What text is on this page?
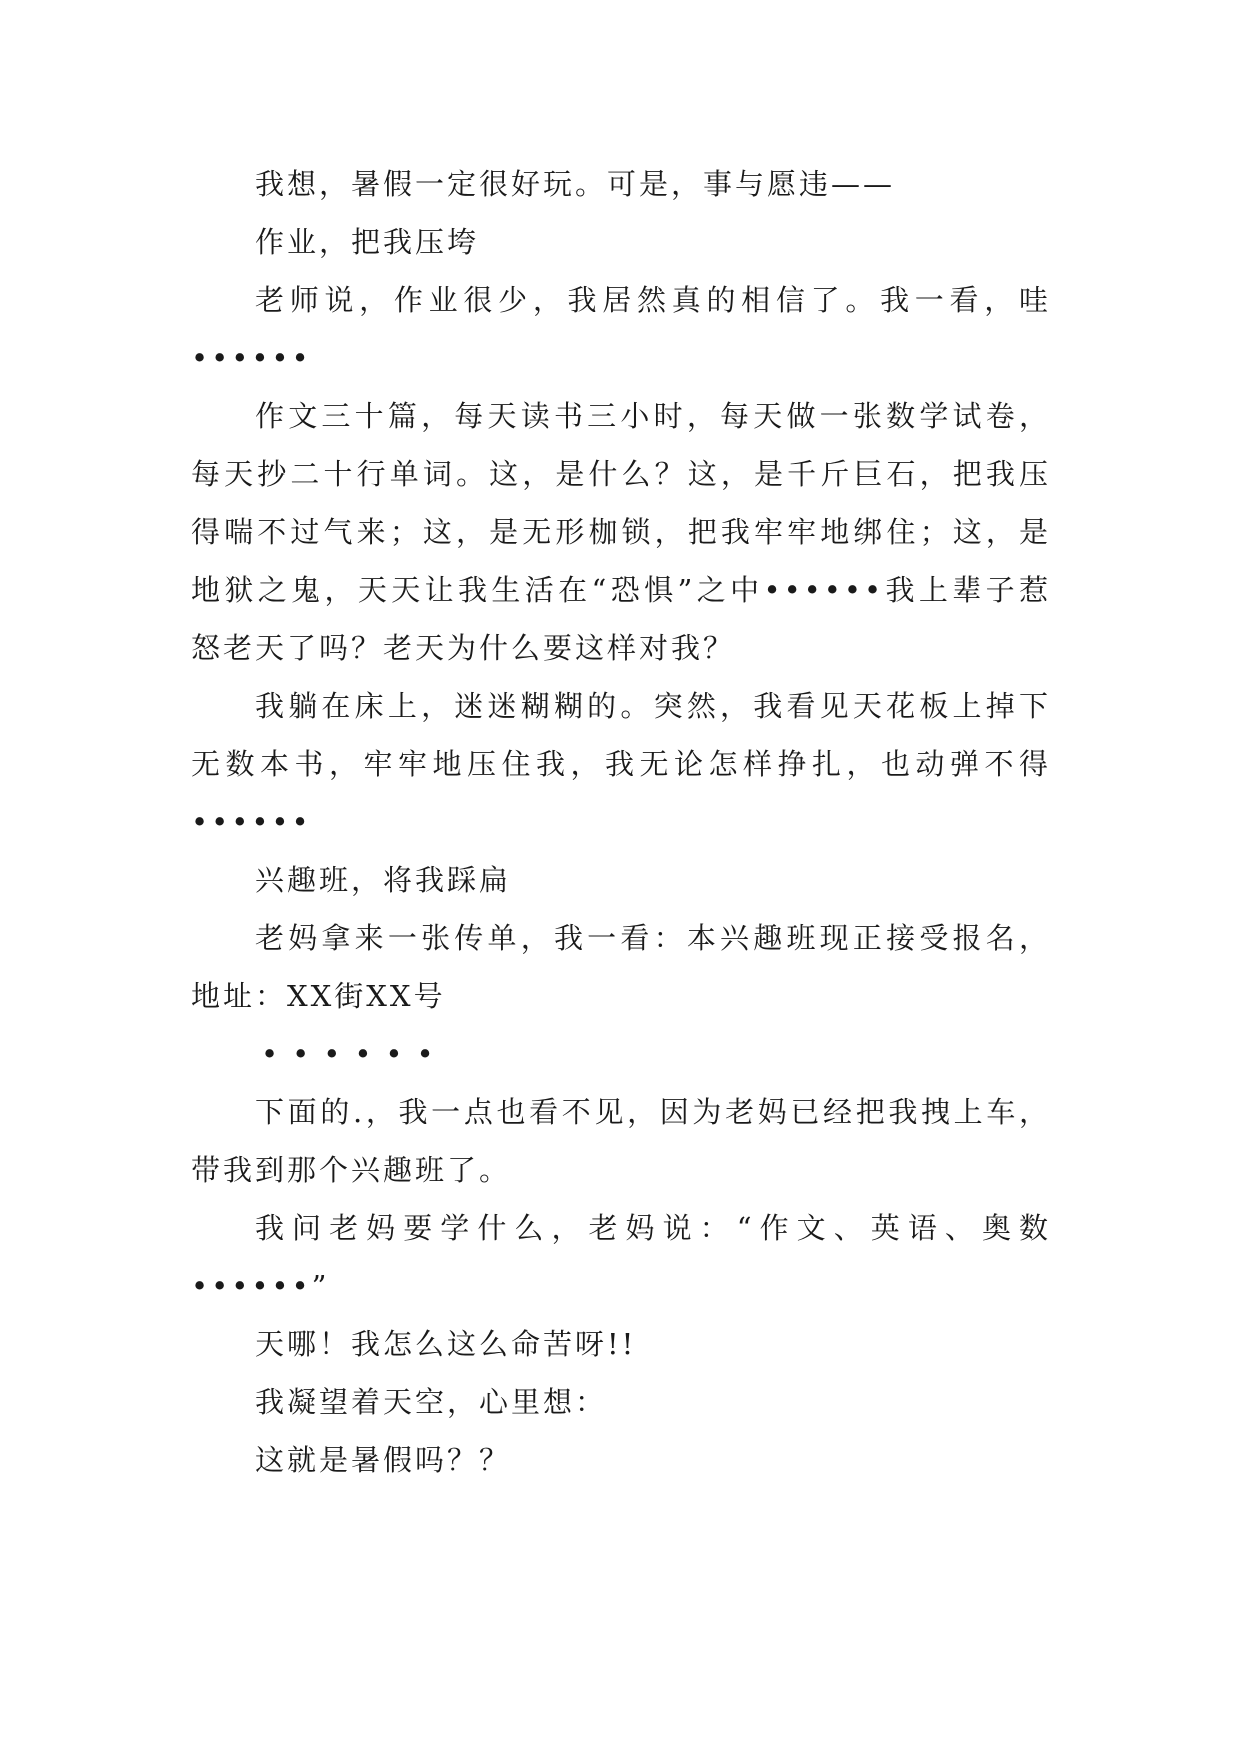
我想，暑假一定很好玩。可是，事与愿违——

作业，把我压垮

老师说，作业很少，我居然真的相信了。我一看，哇••••••

作文三十篇，每天读书三小时，每天做一张数学试卷，每天抄二十行单词。这，是什么？这，是千斤巨石，把我压得喘不过气来；这，是无形枷锁，把我牢牢地绑住；这，是地狱之鬼，天天让我生活在“恐惧”之中••••••我上辈子惹怒老天了吗？老天为什么要这样对我？

我躺在床上，迷迷糊糊的。突然，我看见天花板上掉下无数本书，牢牢地压住我，我无论怎样挣扎，也动弹不得••••••

兴趣班，将我踩扁

老妈拿来一张传单，我一看：本兴趣班现正接受报名，地址：XX街XX号

••••••

下面的.，我一点也看不见，因为老妈已经把我拽上车，带我到那个兴趣班了。

我问老妈要学什么，老妈说：“作文、英语、奥数••••••”

天哪！我怎么这么命苦呀!!

我凝望着天空，心里想：

这就是暑假吗？？
